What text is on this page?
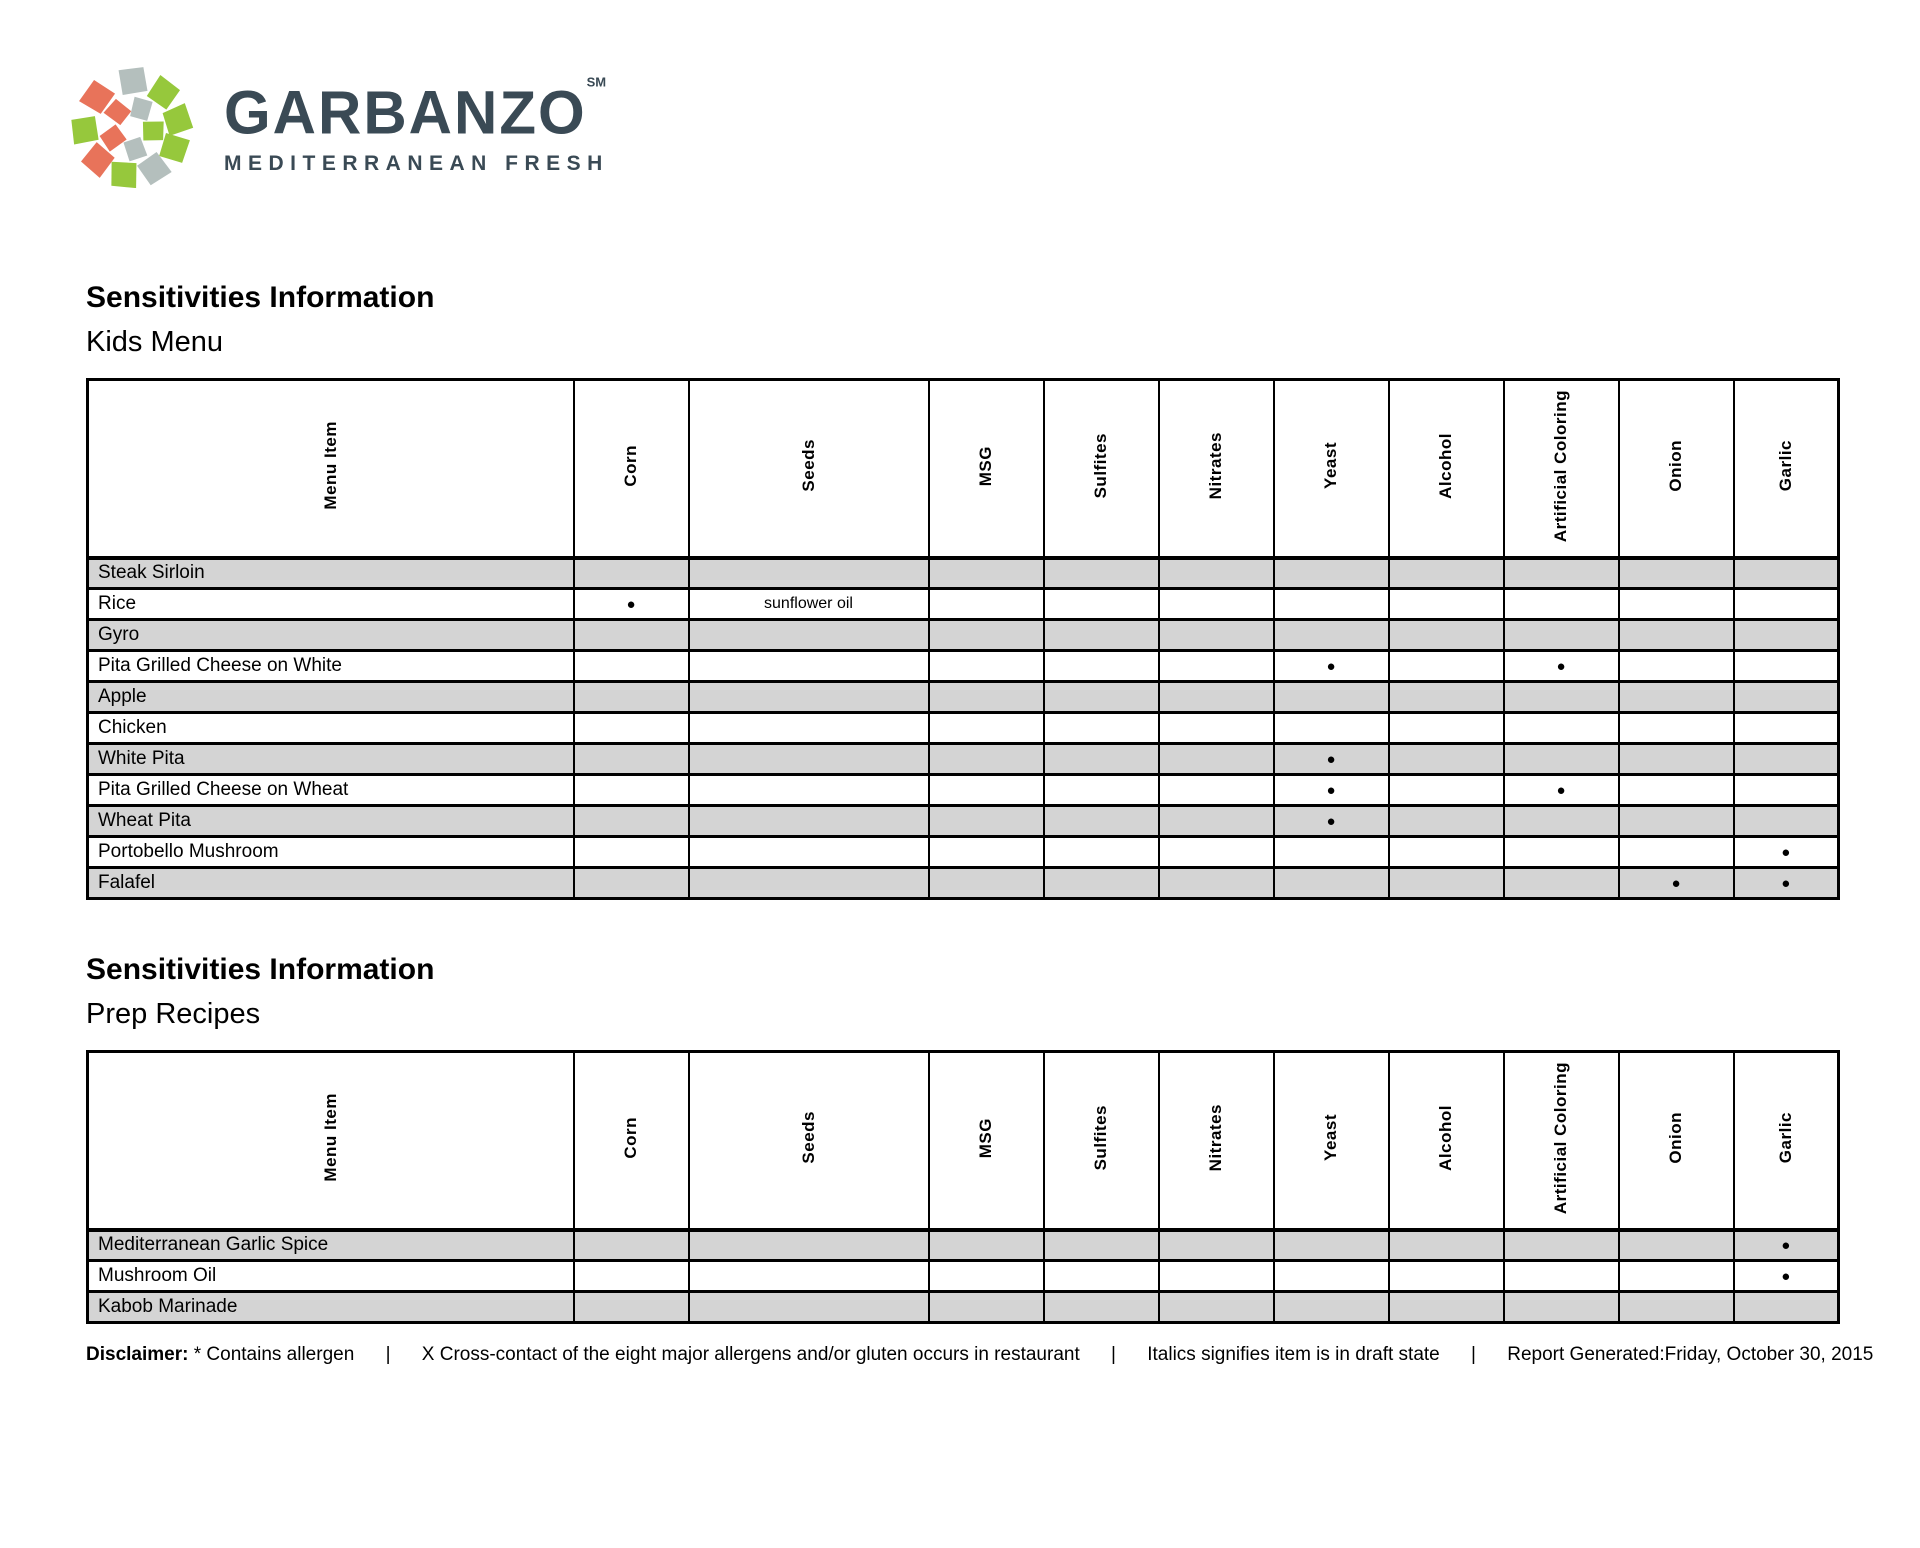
GARBANZO℠
MEDITERRANEAN FRESH
Sensitivities Information
Kids Menu
Menu Item	Corn	Seeds	MSG	Sulfites	Nitrates	Yeast	Alcohol	Artificial Coloring	Onion	Garlic
Steak Sirloin										
Rice	●	sunflower oil								
Gyro										
Pita Grilled Cheese on White						●		●		
Apple										
Chicken										
White Pita						●				
Pita Grilled Cheese on Wheat						●		●		
Wheat Pita						●				
Portobello Mushroom										●
Falafel									●	●
Sensitivities Information
Prep Recipes
Menu Item	Corn	Seeds	MSG	Sulfites	Nitrates	Yeast	Alcohol	Artificial Coloring	Onion	Garlic
Mediterranean Garlic Spice										●
Mushroom Oil										●
Kabob Marinade										
Disclaimer: * Contains allergen | X Cross-contact of the eight major allergens and/or gluten occurs in restaurant | Italics signifies item is in draft state | Report Generated:Friday, October 30, 2015
